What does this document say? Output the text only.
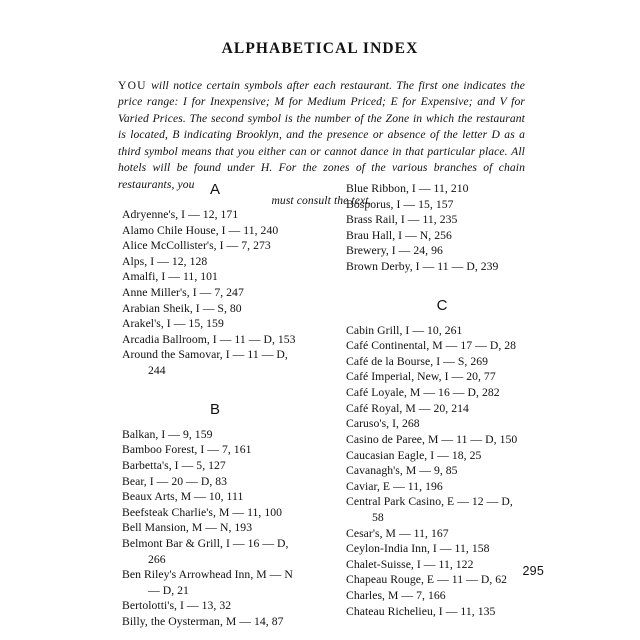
ALPHABETICAL INDEX

YOU will notice certain symbols after each restaurant. The first one indicates the price range: I for Inexpensive; M for Medium Priced; E for Expensive; and V for Varied Prices. The second symbol is the number of the Zone in which the restaurant is located, B indicating Brooklyn, and the presence or absence of the letter D as a third symbol means that you either can or cannot dance in that particular place. All hotels will be found under H. For the zones of the various branches of chain restaurants, you
must consult the text.

A
Adryenne's, I — 12, 171
Alamo Chile House, I — 11, 240
Alice McCollister's, I — 7, 273
Alps, I — 12, 128
Amalfi, I — 11, 101
Anne Miller's, I — 7, 247
Arabian Sheik, I — S, 80
Arakel's, I — 15, 159
Arcadia Ballroom, I — 11 — D, 153
Around the Samovar, I — 11 — D,
244
B
Balkan, I — 9, 159
Bamboo Forest, I — 7, 161
Barbetta's, I — 5, 127
Bear, I — 20 — D, 83
Beaux Arts, M — 10, 111
Beefsteak Charlie's, M — 11, 100
Bell Mansion, M — N, 193
Belmont Bar & Grill, I — 16 — D,
266
Ben Riley's Arrowhead Inn, M — N
— D, 21
Bertolotti's, I — 13, 32
Billy, the Oysterman, M — 14, 87
Blue Ribbon, I — 11, 210
Bosporus, I — 15, 157
Brass Rail, I — 11, 235
Brau Hall, I — N, 256
Brewery, I — 24, 96
Brown Derby, I — 11 — D, 239
C
Cabin Grill, I — 10, 261
Café Continental, M — 17 — D, 28
Café de la Bourse, I — S, 269
Café Imperial, New, I — 20, 77
Café Loyale, M — 16 — D, 282
Café Royal, M — 20, 214
Caruso's, I, 268
Casino de Paree, M — 11 — D, 150
Caucasian Eagle, I — 18, 25
Cavanagh's, M — 9, 85
Caviar, E — 11, 196
Central Park Casino, E — 12 — D,
58
Cesar's, M — 11, 167
Ceylon-India Inn, I — 11, 158
Chalet-Suisse, I — 11, 122
Chapeau Rouge, E — 11 — D, 62
Charles, M — 7, 166
Chateau Richelieu, I — 11, 135
295
